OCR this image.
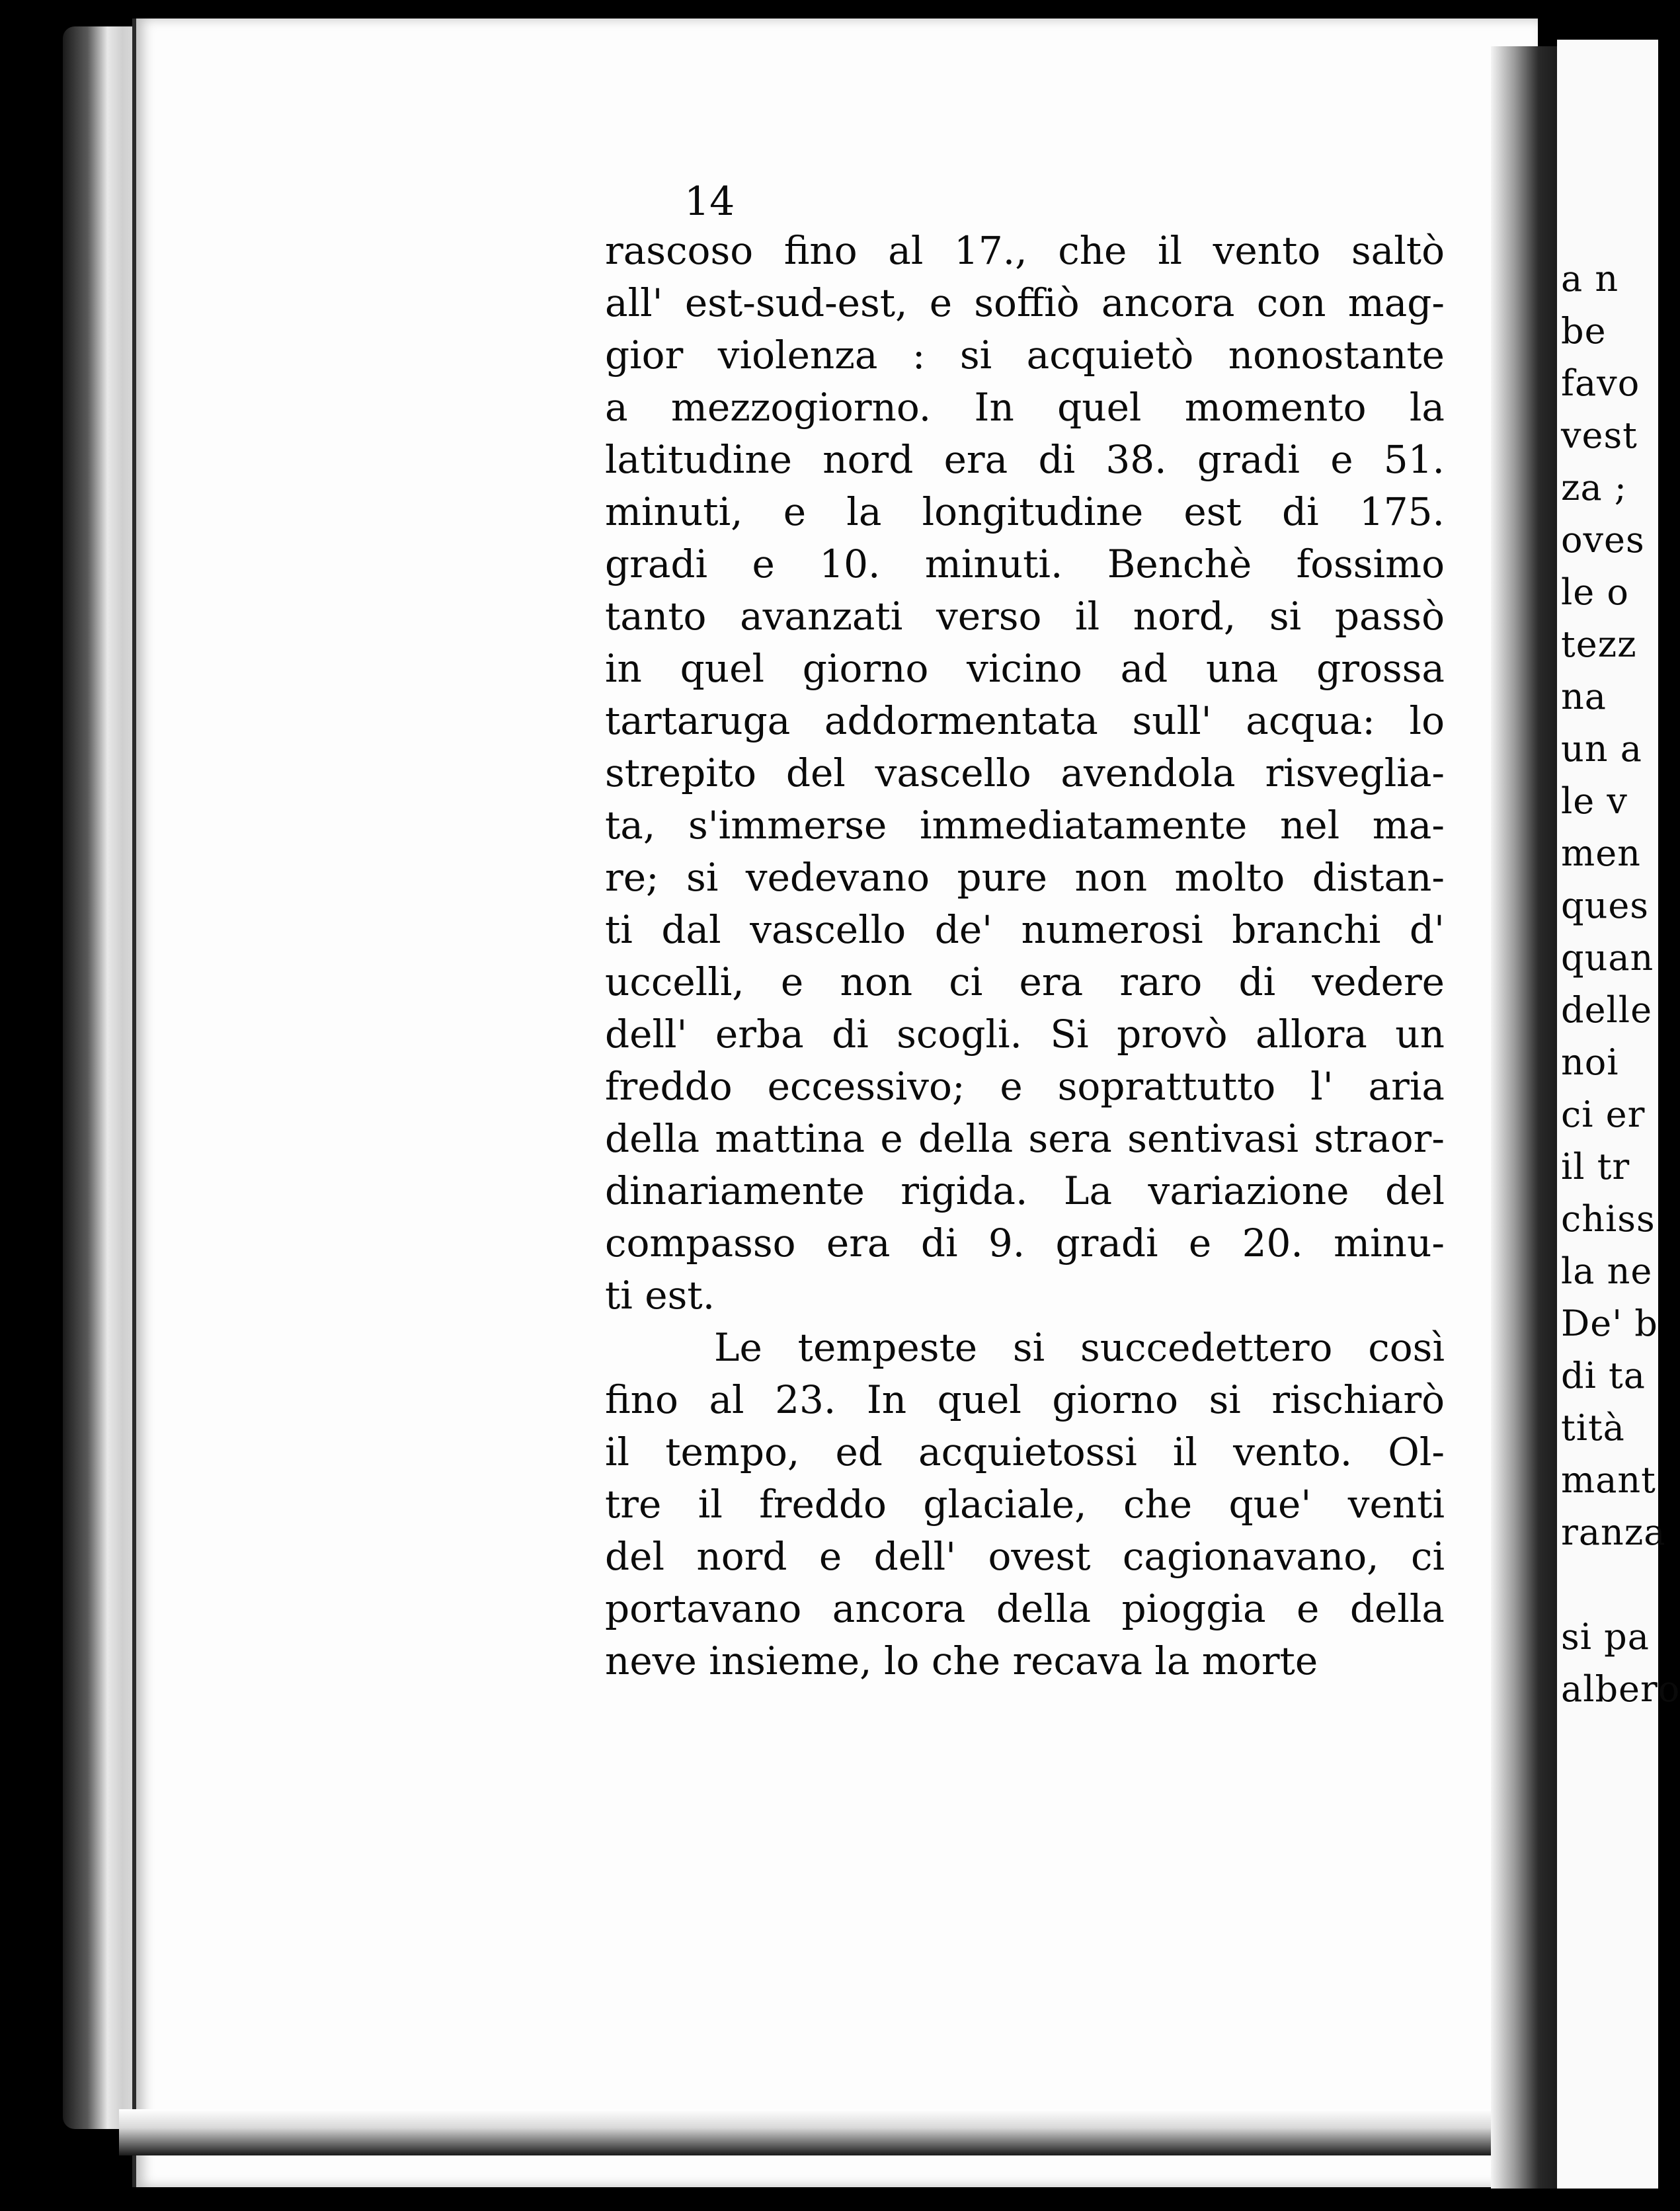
a n
be
favo
vest
za ;
oves
le o
tezz
na
un a
le v
men
ques
quan
delle
noi
ci er
il tr
chiss
la ne
De' b
di ta
tità
mant
ranza
si pa
albero
14
rascoso fino al 17., che il vento saltò
all' est-sud-est, e soffiò ancora con mag-
gior violenza : si acquietò nonostante
a mezzogiorno. In quel momento la
latitudine nord era di 38. gradi e 51.
minuti, e la longitudine est di 175.
gradi e 10. minuti. Benchè fossimo
tanto avanzati verso il nord, si passò
in quel giorno vicino ad una grossa
tartaruga addormentata sull' acqua: lo
strepito del vascello avendola risveglia-
ta, s'immerse immediatamente nel ma-
re; si vedevano pure non molto distan-
ti dal vascello de' numerosi branchi d'
uccelli, e non ci era raro di vedere
dell' erba di scogli. Si provò allora un
freddo eccessivo; e soprattutto l' aria
della mattina e della sera sentivasi straor-
dinariamente rigida. La variazione del
compasso era di 9. gradi e 20. minu-
ti est.
Le tempeste si succedettero così
fino al 23. In quel giorno si rischiarò
il tempo, ed acquietossi il vento. Ol-
tre il freddo glaciale, che que' venti
del nord e dell' ovest cagionavano, ci
portavano ancora della pioggia e della
neve insieme, lo che recava la morte
